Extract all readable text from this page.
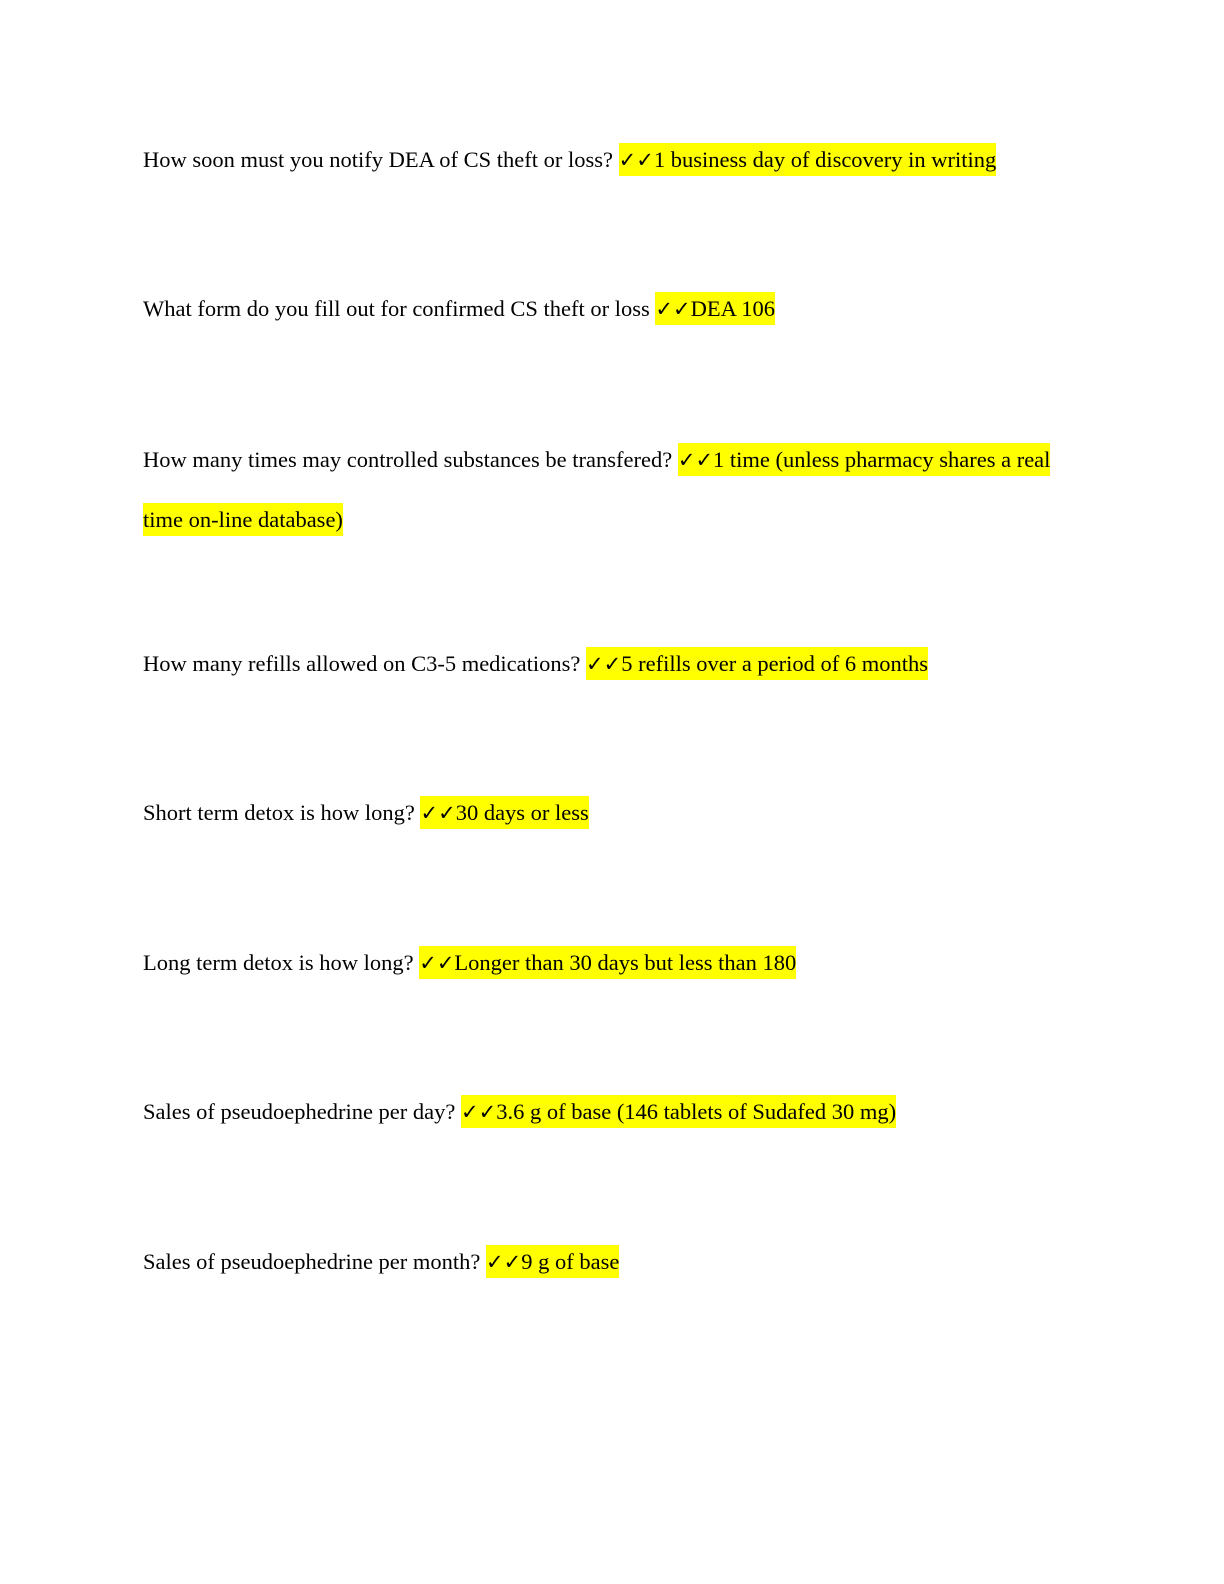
How soon must you notify DEA of CS theft or loss? ✓✓1 business day of discovery in writing

What form do you fill out for confirmed CS theft or loss ✓✓DEA 106

How many times may controlled substances be transfered? ✓✓1 time (unless pharmacy shares a real time on-line database)

How many refills allowed on C3-5 medications? ✓✓5 refills over a period of 6 months

Short term detox is how long? ✓✓30 days or less

Long term detox is how long? ✓✓Longer than 30 days but less than 180

Sales of pseudoephedrine per day? ✓✓3.6 g of base (146 tablets of Sudafed 30 mg)

Sales of pseudoephedrine per month? ✓✓9 g of base
